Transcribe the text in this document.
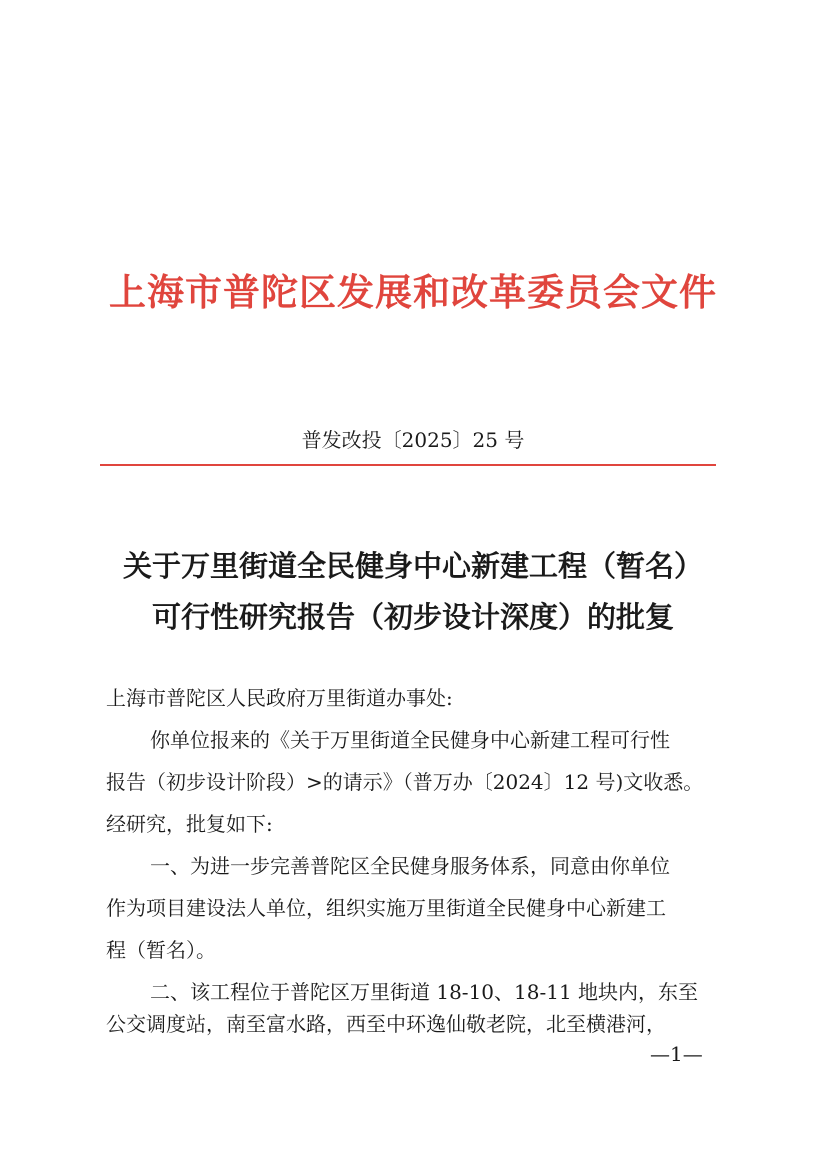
上海市普陀区发展和改革委员会文件
普发改投〔2025〕25 号
关于万里街道全民健身中心新建工程（暂名）
可行性研究报告（初步设计深度）的批复
上海市普陀区人民政府万里街道办事处:
你单位报来的《关于万里街道全民健身中心新建工程可行性
报告（初步设计阶段）>的请示》（普万办〔2024〕12 号)文收悉。
经研究，批复如下:
一、为进一步完善普陀区全民健身服务体系，同意由你单位
作为项目建设法人单位，组织实施万里街道全民健身中心新建工
程（暂名）。
二、该工程位于普陀区万里街道 18-10、18-11 地块内，东至
公交调度站，南至富水路，西至中环逸仙敬老院，北至横港河，
—1—
